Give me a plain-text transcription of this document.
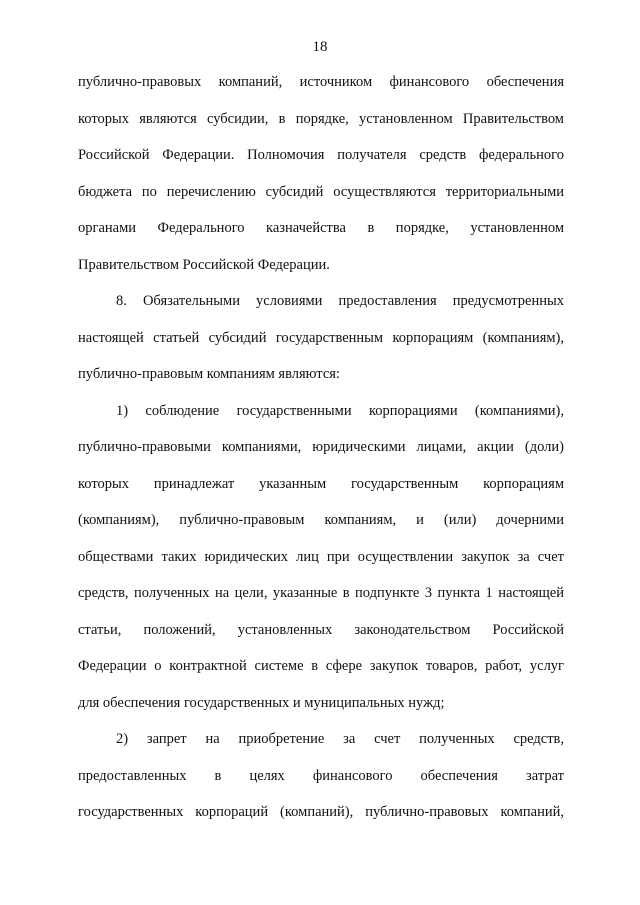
18
публично-правовых компаний, источником финансового обеспечения
которых являются субсидии, в порядке, установленном Правительством
Российской Федерации. Полномочия получателя средств федерального
бюджета по перечислению субсидий осуществляются территориальными
органами Федерального казначейства в порядке, установленном
Правительством Российской Федерации.
8. Обязательными условиями предоставления предусмотренных
настоящей статьей субсидий государственным корпорациям (компаниям),
публично-правовым компаниям являются:
1) соблюдение государственными корпорациями (компаниями),
публично-правовыми компаниями, юридическими лицами, акции (доли)
которых принадлежат указанным государственным корпорациям
(компаниям), публично-правовым компаниям, и (или) дочерними
обществами таких юридических лиц при осуществлении закупок за счет
средств, полученных на цели, указанные в подпункте 3 пункта 1 настоящей
статьи, положений, установленных законодательством Российской
Федерации о контрактной системе в сфере закупок товаров, работ, услуг
для обеспечения государственных и муниципальных нужд;
2) запрет на приобретение за счет полученных средств,
предоставленных в целях финансового обеспечения затрат
государственных корпораций (компаний), публично-правовых компаний,
